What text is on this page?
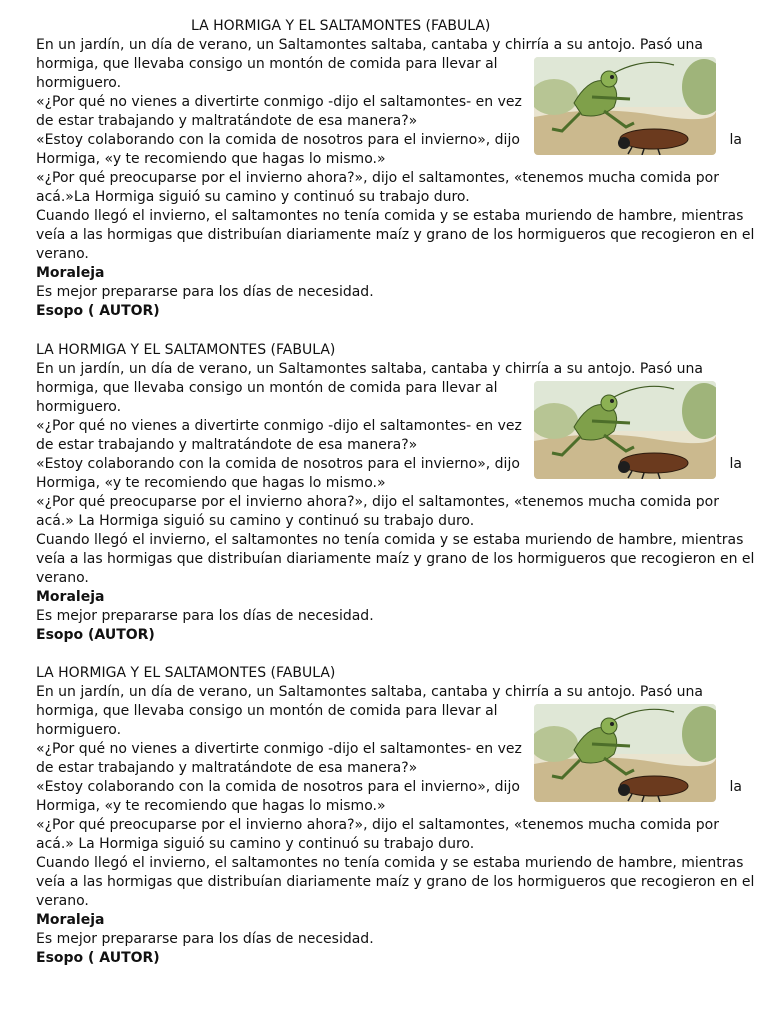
LA HORMIGA Y EL SALTAMONTES (FABULA)
En un jardín, un día de verano, un Saltamontes saltaba, cantaba y chirría a su antojo. Pasó una
hormiga, que llevaba consigo un montón de comida para llevar al
hormiguero.
«¿Por qué no vienes a divertirte conmigo -dijo el saltamontes- en vez
de estar trabajando y maltratándote de esa manera?»
«Estoy colaborando con la comida de nosotros para el invierno», dijo	la
Hormiga, «y te recomiendo que hagas lo mismo.»
«¿Por qué preocuparse por el invierno ahora?», dijo el saltamontes, «tenemos mucha comida por
acá.»La Hormiga siguió su camino y continuó su trabajo duro.
Cuando llegó el invierno, el saltamontes no tenía comida y se estaba muriendo de hambre, mientras
veía a las hormigas que distribuían diariamente maíz y grano de los hormigueros que recogieron en el
verano.
Moraleja
Es mejor prepararse para los días de necesidad.
Esopo ( AUTOR)
LA HORMIGA Y EL SALTAMONTES (FABULA)
En un jardín, un día de verano, un Saltamontes saltaba, cantaba y chirría a su antojo. Pasó una
hormiga, que llevaba consigo un montón de comida para llevar al
hormiguero.
«¿Por qué no vienes a divertirte conmigo -dijo el saltamontes- en vez
de estar trabajando y maltratándote de esa manera?»
«Estoy colaborando con la comida de nosotros para el invierno», dijo	la
Hormiga, «y te recomiendo que hagas lo mismo.»
«¿Por qué preocuparse por el invierno ahora?», dijo el saltamontes, «tenemos mucha comida por
acá.» La Hormiga siguió su camino y continuó su trabajo duro.
Cuando llegó el invierno, el saltamontes no tenía comida y se estaba muriendo de hambre, mientras
veía a las hormigas que distribuían diariamente maíz y grano de los hormigueros que recogieron en el
verano.
Moraleja
Es mejor prepararse para los días de necesidad.
Esopo (AUTOR)
LA HORMIGA Y EL SALTAMONTES (FABULA)
En un jardín, un día de verano, un Saltamontes saltaba, cantaba y chirría a su antojo. Pasó una
hormiga, que llevaba consigo un montón de comida para llevar al
hormiguero.
«¿Por qué no vienes a divertirte conmigo -dijo el saltamontes- en vez
de estar trabajando y maltratándote de esa manera?»
«Estoy colaborando con la comida de nosotros para el invierno», dijo	la
Hormiga, «y te recomiendo que hagas lo mismo.»
«¿Por qué preocuparse por el invierno ahora?», dijo el saltamontes, «tenemos mucha comida por
acá.» La Hormiga siguió su camino y continuó su trabajo duro.
Cuando llegó el invierno, el saltamontes no tenía comida y se estaba muriendo de hambre, mientras
veía a las hormigas que distribuían diariamente maíz y grano de los hormigueros que recogieron en el
verano.
Moraleja
Es mejor prepararse para los días de necesidad.
Esopo ( AUTOR)
